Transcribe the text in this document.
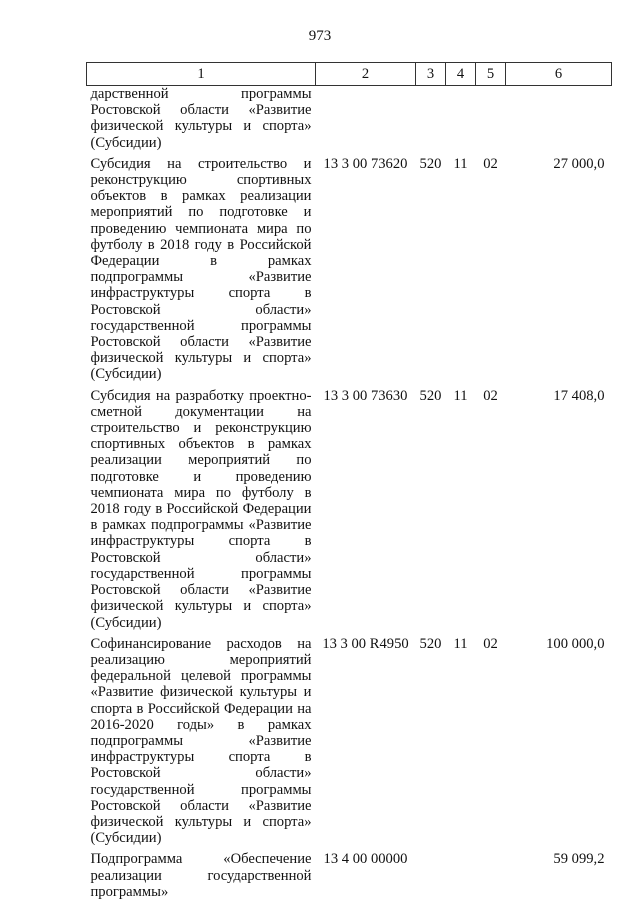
973
1	2	3	4	5	6
дарственной программы Ростовской области «Развитие физической культуры и спорта» (Субсидии)					
Субсидия на строительство и реконструкцию спортивных объектов в рамках реализации мероприятий по подготовке и проведению чемпионата мира по футболу в 2018 году в Российской Федерации в рамках подпрограммы «Развитие инфраструктуры спорта в Ростовской области» государственной программы Ростовской области «Развитие физической культуры и спорта» (Субсидии)	13 3 00 73620	520	11	02	27 000,0
Субсидия на разработку проектно-сметной документации на строительство и реконструкцию спортивных объектов в рамках реализации мероприятий по подготовке и проведению чемпионата мира по футболу в 2018 году в Российской Федерации в рамках подпрограммы «Развитие инфраструктуры спорта в Ростовской области» государственной программы Ростовской области «Развитие физической культуры и спорта» (Субсидии)	13 3 00 73630	520	11	02	17 408,0
Софинансирование расходов на реализацию мероприятий федеральной целевой программы «Развитие физической культуры и спорта в Российской Федерации на 2016-2020 годы» в рамках подпрограммы «Развитие инфраструктуры спорта в Ростовской области» государственной программы Ростовской области «Развитие физической культуры и спорта» (Субсидии)	13 3 00 R4950	520	11	02	100 000,0
Подпрограмма «Обеспечение реализации государственной программы»	13 4 00 00000				59 099,2
